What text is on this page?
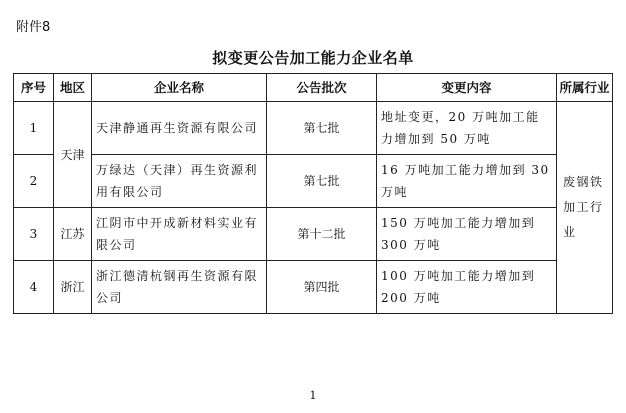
附件8
拟变更公告加工能力企业名单
序号	地区	企业名称	公告批次	变更内容	所属行业
1	天津	天津静通再生资源有限公司	第七批	地址变更，20 万吨加工能力增加到 50 万吨	废钢铁加工行业
2		万绿达（天津）再生资源利用有限公司	第七批	16 万吨加工能力增加到 30 万吨	
3	江苏	江阴市中开成新材料实业有限公司	第十二批	150 万吨加工能力增加到 300 万吨	
4	浙江	浙江德清杭钢再生资源有限公司	第四批	100 万吨加工能力增加到 200 万吨	
1
